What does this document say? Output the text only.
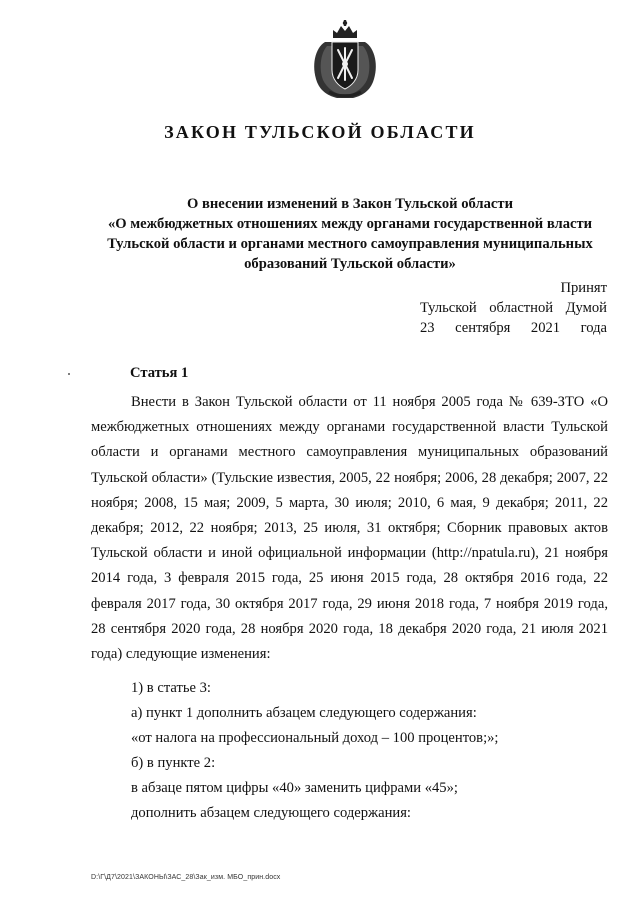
ЗАКОН ТУЛЬСКОЙ ОБЛАСТИ
О внесении изменений в Закон Тульской области
«О межбюджетных отношениях между органами государственной власти
Тульской области и органами местного самоуправления муниципальных
образований Тульской области»
Принят
Тульской областной Думой
23 сентября 2021 года
Статья 1

Внести в Закон Тульской области от 11 ноября 2005 года № 639-ЗТО «О межбюджетных отношениях между органами государственной власти Тульской области и органами местного самоуправления муниципальных образований Тульской области» (Тульские известия, 2005, 22 ноября; 2006, 28 декабря; 2007, 22 ноября; 2008, 15 мая; 2009, 5 марта, 30 июля; 2010, 6 мая, 9 декабря; 2011, 22 декабря; 2012, 22 ноября; 2013, 25 июля, 31 октября; Сборник правовых актов Тульской области и иной официальной информации (http://npatula.ru), 21 ноября 2014 года, 3 февраля 2015 года, 25 июня 2015 года, 28 октября 2016 года, 22 февраля 2017 года, 30 октября 2017 года, 29 июня 2018 года, 7 ноября 2019 года, 28 сентября 2020 года, 28 ноября 2020 года, 18 декабря 2020 года, 21 июля 2021 года) следующие изменения:

1) в статье 3:
а) пункт 1 дополнить абзацем следующего содержания:
«от налога на профессиональный доход – 100 процентов;»;
б) в пункте 2:
в абзаце пятом цифры «40» заменить цифрами «45»;
дополнить абзацем следующего содержания:
D:\Г\Д7\2021\ЗАКОНЫ\ЗАС_28\Зак_изм. МБО_прин.docx
